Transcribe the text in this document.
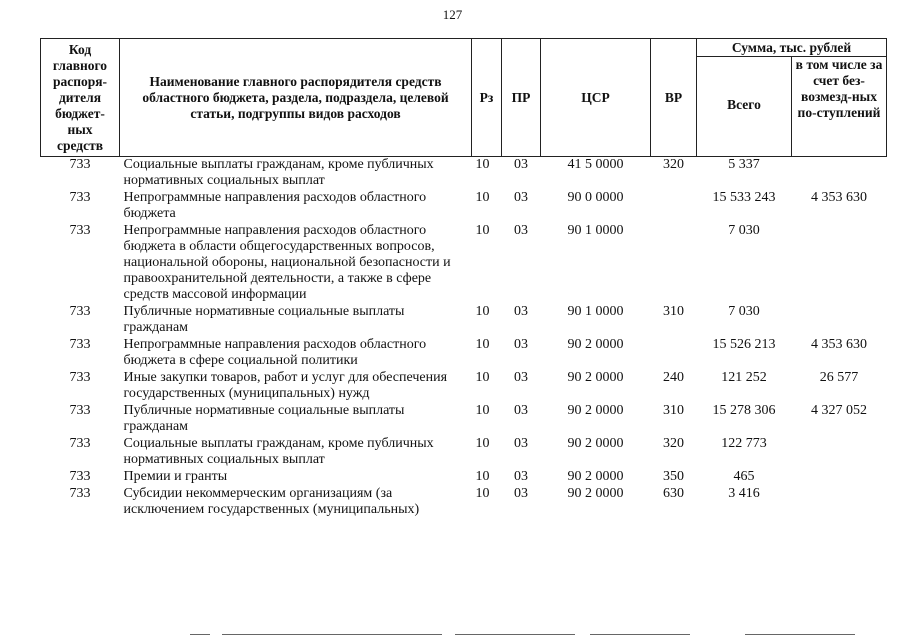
127
Код главного распоря-дителя бюджет-ных средств	Наименование главного распорядителя средств областного бюджета, раздела, подраздела, целевой статьи, подгруппы видов расходов	Рз	ПР	ЦСР	ВР	Сумма, тыс. рублей	
						Всего	в том числе за счет без-возмезд-ных по-ступлений
733	Социальные выплаты гражданам, кроме публичных нормативных социальных выплат	10	03	41 5 0000	320	5 337	
733	Непрограммные направления расходов областного бюджета	10	03	90 0 0000		15 533 243	4 353 630
733	Непрограммные направления расходов областного бюджета в области общегосударственных вопросов, национальной обороны, национальной безопасности и правоохранительной деятельности, а также в сфере средств массовой информации	10	03	90 1 0000		7 030	
733	Публичные нормативные социальные выплаты гражданам	10	03	90 1 0000	310	7 030	
733	Непрограммные направления расходов областного бюджета в сфере социальной политики	10	03	90 2 0000		15 526 213	4 353 630
733	Иные закупки товаров, работ и услуг для обеспечения государственных (муниципальных) нужд	10	03	90 2 0000	240	121 252	26 577
733	Публичные нормативные социальные выплаты гражданам	10	03	90 2 0000	310	15 278 306	4 327 052
733	Социальные выплаты гражданам, кроме публичных нормативных социальных выплат	10	03	90 2 0000	320	122 773	
733	Премии и гранты	10	03	90 2 0000	350	465	
733	Субсидии некоммерческим организациям (за исключением государственных (муниципальных)	10	03	90 2 0000	630	3 416	
